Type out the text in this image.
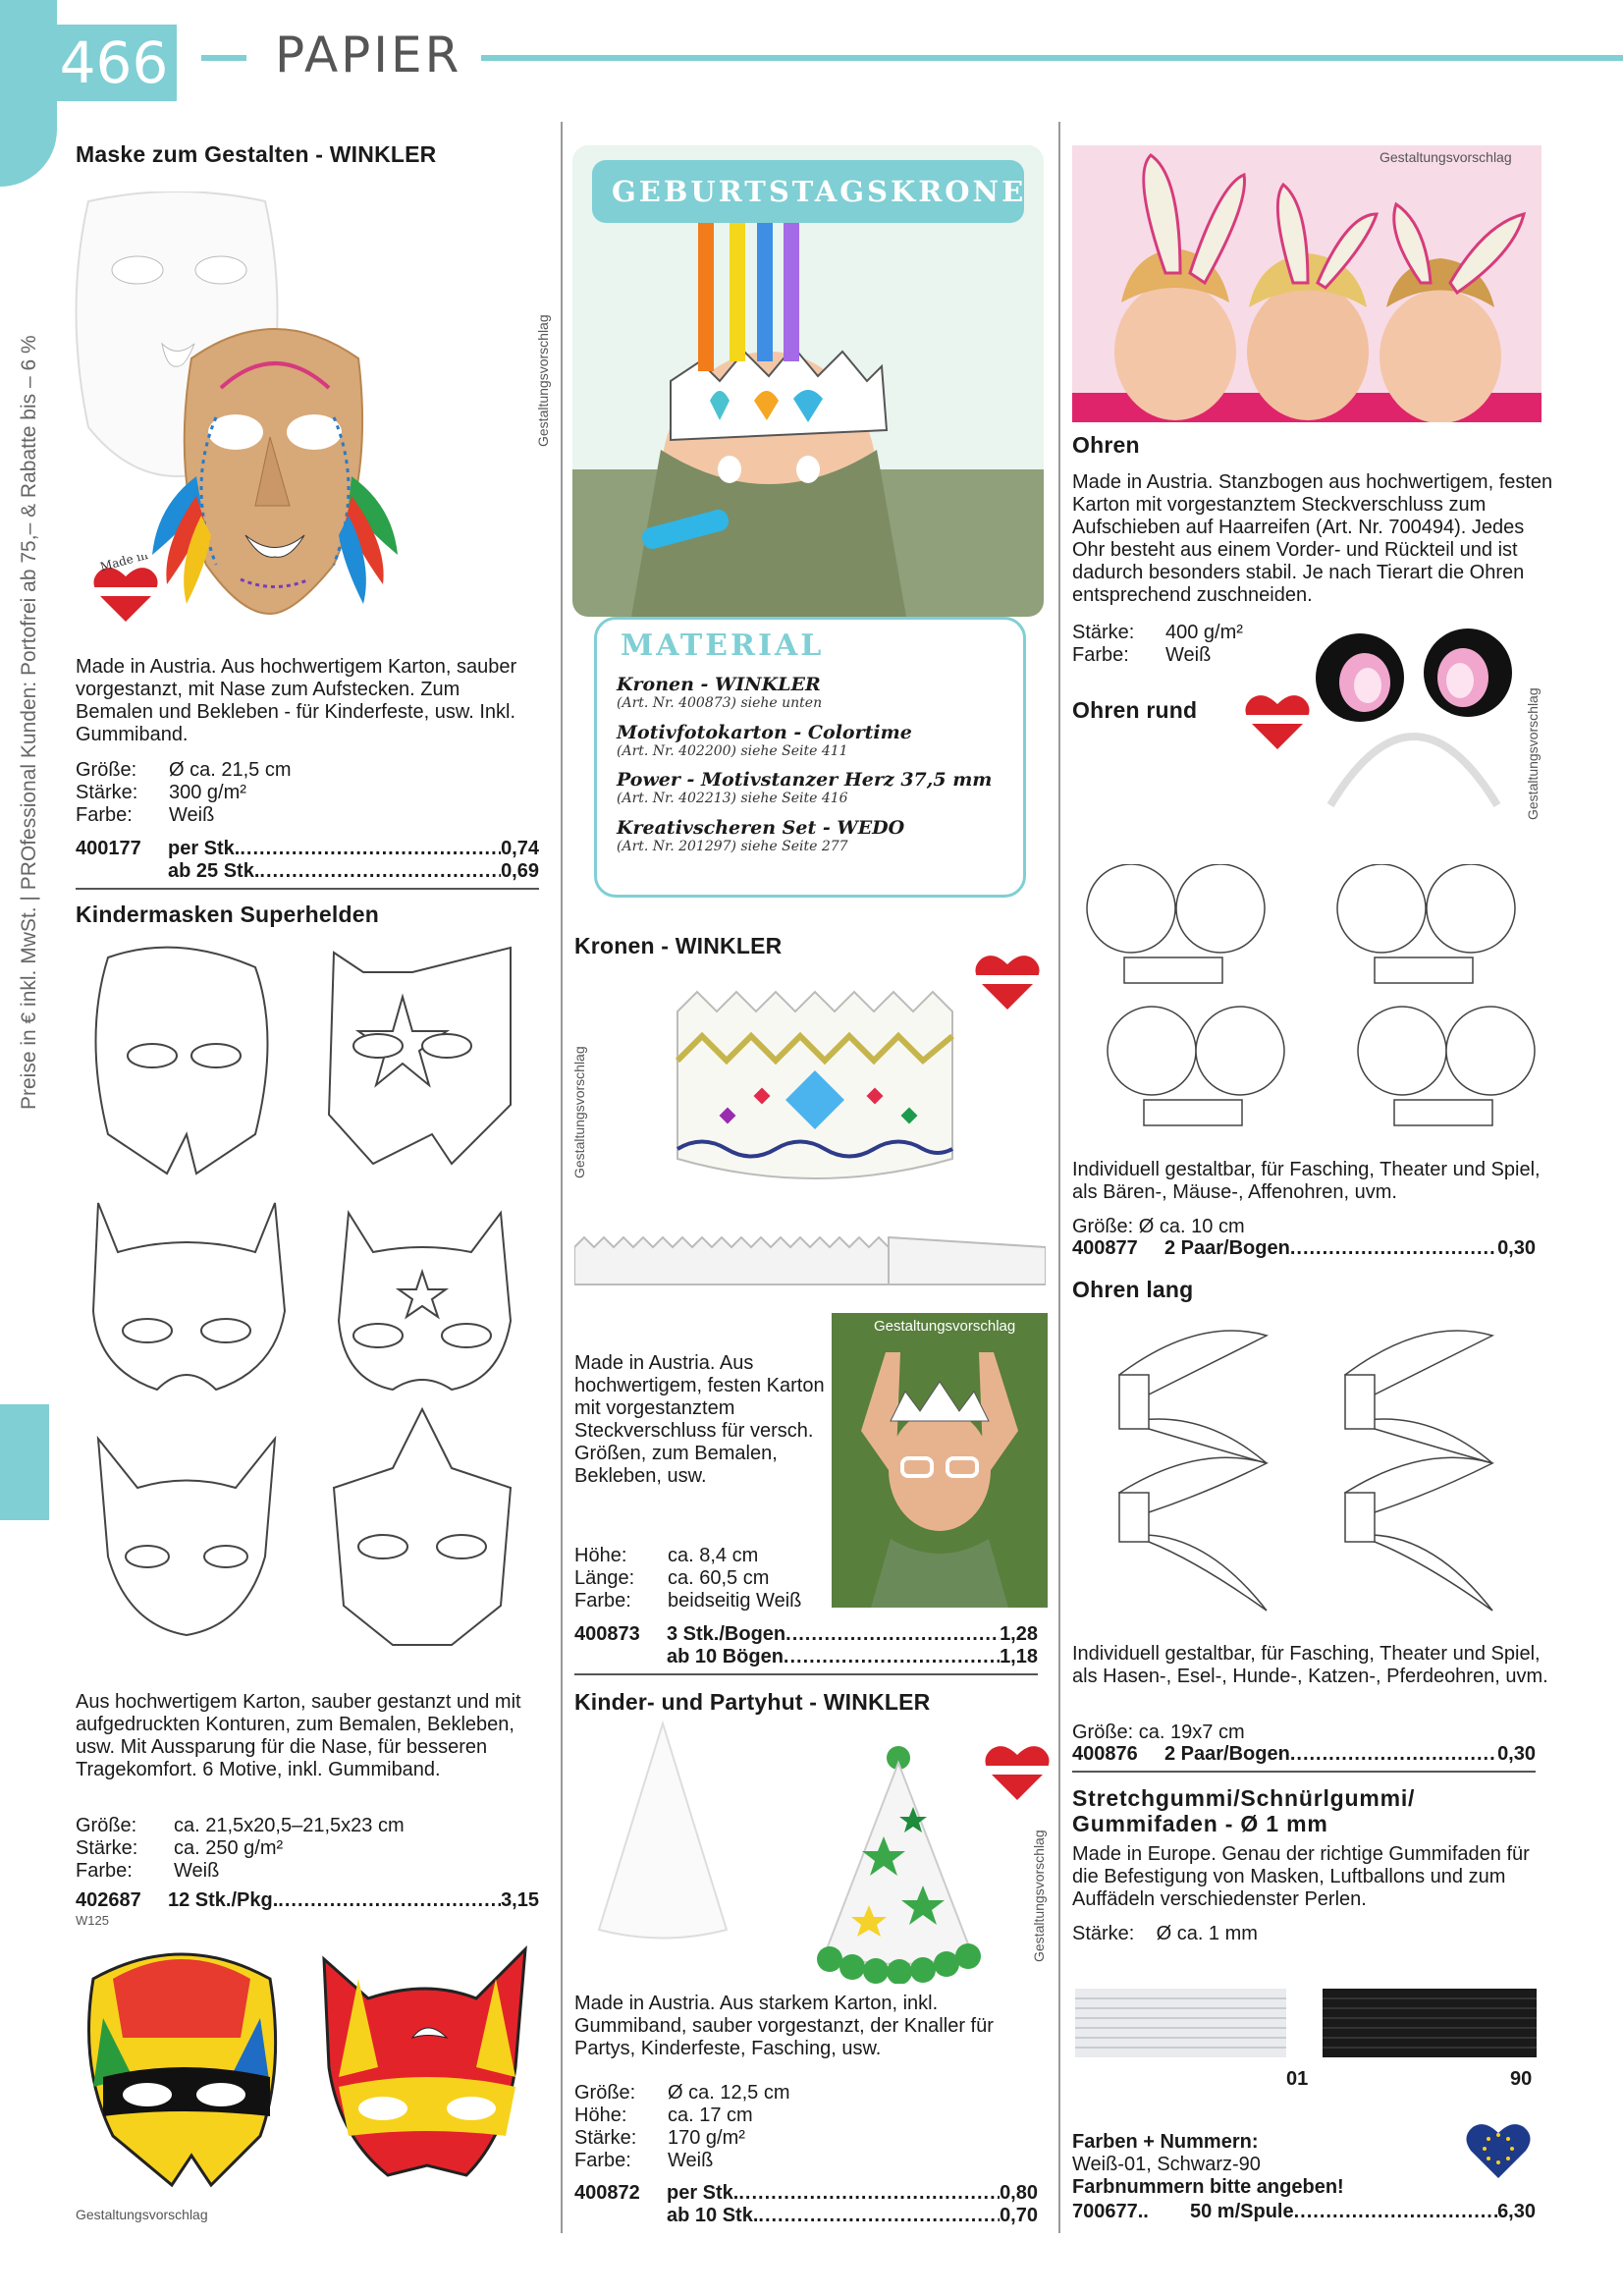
466 PAPIER
Preise in € inkl. MwSt. | PROfessional Kunden: Portofrei ab 75,– & Rabatte bis – 6 %
Maske zum Gestalten - WINKLER
Gestaltungsvorschlag
Made in
Made in Austria. Aus hochwertigem Karton, sauber vorgestanzt, mit Nase zum Aufstecken. Zum Bemalen und Bekleben - für Kinderfeste, usw. Inkl. Gummiband.
Größe:	Ø ca. 21,5 cm
Stärke:	300 g/m²
Farbe:	Weiß
400177	per Stk. .....	0,74
ab 25 Stk. .....	0,69
Kindermasken Superhelden
Aus hochwertigem Karton, sauber gestanzt und mit aufgedruckten Konturen, zum Bemalen, Bekleben, usw. Mit Aussparung für die Nase, für besseren Tragekomfort. 6 Motive, inkl. Gummiband.
Größe:	ca. 21,5x20,5–21,5x23 cm
Stärke:	ca. 250 g/m²
Farbe:	Weiß
402687	12 Stk./Pkg. .....	3,15
W125
Gestaltungsvorschlag
GEBURTSTAGSKRONE
MATERIAL
Kronen - WINKLER
(Art. Nr. 400873) siehe unten
Motivfotokarton - Colortime
(Art. Nr. 402200) siehe Seite 411
Power - Motivstanzer Herz 37,5 mm
(Art. Nr. 402213) siehe Seite 416
Kreativscheren Set - WEDO
(Art. Nr. 201297) siehe Seite 277
Kronen - WINKLER
Gestaltungsvorschlag
Made in Austria. Aus hochwertigem, festen Karton mit vorgestanztem Steckverschluss für versch. Größen, zum Bemalen, Bekleben, usw.
Gestaltungsvorschlag
Höhe:	ca. 8,4 cm
Länge:	ca. 60,5 cm
Farbe:	beidseitig Weiß
400873	3 Stk./Bogen .....	1,28
ab 10 Bögen .....	1,18
Kinder- und Partyhut - WINKLER
Gestaltungsvorschlag
Made in Austria. Aus starkem Karton, inkl. Gummiband, sauber vorgestanzt, der Knaller für Partys, Kinderfeste, Fasching, usw.
Größe:	Ø ca. 12,5 cm
Höhe:	ca. 17 cm
Stärke:	170 g/m²
Farbe:	Weiß
400872	per Stk. .....	0,80
ab 10 Stk. .....	0,70
Gestaltungsvorschlag
Ohren
Made in Austria. Stanzbogen aus hochwertigem, festen Karton mit vorgestanztem Steckverschluss zum Aufschieben auf Haarreifen (Art. Nr. 700494). Jedes Ohr besteht aus einem Vorder- und Rückteil und ist dadurch besonders stabil. Je nach Tierart die Ohren entsprechend zuschneiden.
Stärke:	400 g/m²
Farbe:	Weiß
Ohren rund	Gestaltungsvorschlag
Individuell gestaltbar, für Fasching, Theater und Spiel, als Bären-, Mäuse-, Affenohren, uvm.
Größe: Ø ca. 10 cm
400877	2 Paar/Bogen .....	0,30
Ohren lang
Individuell gestaltbar, für Fasching, Theater und Spiel, als Hasen-, Esel-, Hunde-, Katzen-, Pferdeohren, uvm.
Größe: ca. 19x7 cm
400876	2 Paar/Bogen .....	0,30
Stretchgummi/Schnürlgummi/
Gummifaden - Ø 1 mm
Made in Europe. Genau der richtige Gummifaden für die Befestigung von Masken, Luftballons und zum Auffädeln verschiedenster Perlen.
Stärke:    Ø ca. 1 mm
01	90
Farben + Nummern:
Weiß-01, Schwarz-90
Farbnummern bitte angeben!
700677..	50 m/Spule .....	6,30
